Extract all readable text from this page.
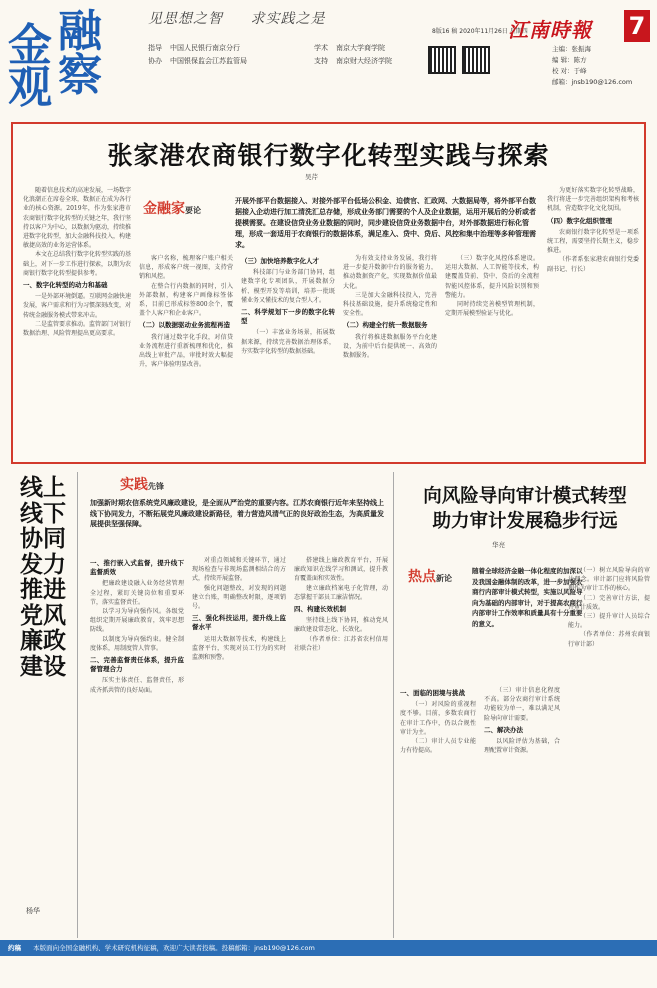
金 融
观 察
见思想之智 求实践之是
指导	中国人民银行南京分行	学术	南京大学商学院
协办	中国银保监会江苏监管局	支持	南京财大经济学院
8版16 稿 2020年11月26日 星期四
江南時報 7
主编：张振海
编 辑：陈方
校 对：于峰
邮箱：jnsb190@126.com
张家港农商银行数字化转型实践与探索
吴芹

随着信息技术的高速发展，一场数字化浪潮正在席卷全球，数据正在成为各行业的核心资源。2019年，作为张家港市农商银行数字化转型的关键之年，我行坚持以客户为中心，以数据为驱动，持续推进数字化转型，加大金融科技投入，构建敏捷高效的业务运营体系。

本文在总结我行数字化转型实践的基础上，对下一步工作进行探索，以期为农商银行数字化转型提供参考。

一、数字化转型的动力和基础

一是外部环境倒逼。互联网金融快速发展，客户需求和行为习惯深刻改变，对传统金融服务模式带来冲击。

二是监管要求推动。监管部门对银行数据治理、风险管理提出更高要求。

金融家要论
开展外部平台数据接入、对接外部平台低场公积金、迫债官、汇政网、大数据局等，将外部平台数据接入企动进行加工清洗汇总存储，形成业务部门需要的个人及企业数据，运用开展后的分析或者提模需要。在建设信贷业务业数据的同时，同步建设信贷业务数据中台，对外部数据进行标化管理，形成一套适用于农商银行的数据体系，满足准入、贷中、贷后、风控和集中治理等多种管理需求。

客户名称，梳理客户账户相关信息，形成客户统一视图，支持营销和风控。

在整合行内数据的同时，引入外部数据，构建客户画像标签体系，目前已形成标签800余个，覆盖个人客户和企业客户。

（二）以数据驱动业务流程再造

我行通过数字化手段，对信贷业务流程进行重新梳理和优化，推出线上审批产品，审批时效大幅提升，客户体验明显改善。

（三）加快培养数字化人才

科技部门与业务部门协同，组建数字化专项团队，开展数据分析、模型开发等培训，培养一批既懂业务又懂技术的复合型人才。

二、科学规划下一步的数字化转型

（一）丰富业务场景，拓展数据来源，持续完善数据治理体系，夯实数字化转型的数据基础。

为有效支持业务发展，我行将进一步提升数据中台的服务能力，推动数据资产化，实现数据价值最大化。

三是加大金融科技投入，完善科技基础设施，提升系统稳定性和安全性。

（二）构建全行统一数据服务

我行将推进数据服务平台化建设，为前中后台提供统一、高效的数据服务。

（三）数字化风控体系建设。运用大数据、人工智能等技术，构建覆盖贷前、贷中、贷后的全流程智能风控体系，提升风险识别和预警能力。

同时持续完善模型管理机制，定期开展模型验证与优化。

为更好落实数字化转型战略，我行将进一步完善组织架构和考核机制，营造数字化文化氛围。

（四）数字化组织管理

农商银行数字化转型是一项系统工程，需要坚持长期主义，稳步推进。

（作者系张家港农商银行党委副书记、行长）

线上线下协同发力推进党风廉政建设
杨华
实践先锋
加强新时期农信系统党风廉政建设，是全面从严治党的重要内容。江苏农商银行近年来坚持线上线下协同发力，不断拓展党风廉政建设新路径，着力营造风清气正的良好政治生态，为高质量发展提供坚强保障。
一、推行嵌入式监督，提升线下监督质效

把廉政建设融入业务经营管理全过程，紧盯关键岗位和重要环节，落实监督责任。

以学习为导向强作风。各级党组织定期开展廉政教育，筑牢思想防线。

以制度为导向强约束。健全制度体系，用制度管人管事。

二、完善监督责任体系，提升监督管理合力

压实主体责任、监督责任，形成齐抓共管的良好局面。

对重点领域和关键环节，通过现场检查与非现场监测相结合的方式，持续开展监督。

强化问题整改，对发现的问题建立台账，明确整改时限，逐项销号。

三、强化科技运用，提升线上监督水平

运用大数据等技术，构建线上监督平台，实现对员工行为的实时监测和预警。

搭建线上廉政教育平台，开展廉政知识在线学习和测试，提升教育覆盖面和实效性。

建立廉政档案电子化管理，动态掌握干部员工廉洁情况。

四、构建长效机制

坚持线上线下协同，推动党风廉政建设常态化、长效化。

（作者单位：江苏省农村信用社联合社）

向风险导向审计模式转型
助力审计发展稳步行远
华亮
热点新论
随着全球经济金融一体化程度的加深以及我国金融体制的改革，进一步加强农商行内部审计模式转型，实施以风险导向为基础的内部审计，对于提高农商行内部审计工作效率和质量具有十分重要的意义。
一、面临的困境与挑战

（一）对风险的重视程度不够。目前，多数农商行在审计工作中，仍以合规性审计为主。

（二）审计人员专业能力有待提高。

（三）审计信息化程度不高。部分农商行审计系统功能较为单一，难以满足风险导向审计需要。

二、解决办法

以风险评估为基础，合理配置审计资源。

（一）树立风险导向的审计理念。审计部门应将风险管理作为审计工作的核心。

（二）完善审计方法，提升审计质效。

（三）提升审计人员综合能力。

（作者单位：苏州农商银行审计部）

约稿 本版面向全国金融机构、学术研究机构征稿，欢迎广大读者投稿。投稿邮箱：jnsb190@126.com
